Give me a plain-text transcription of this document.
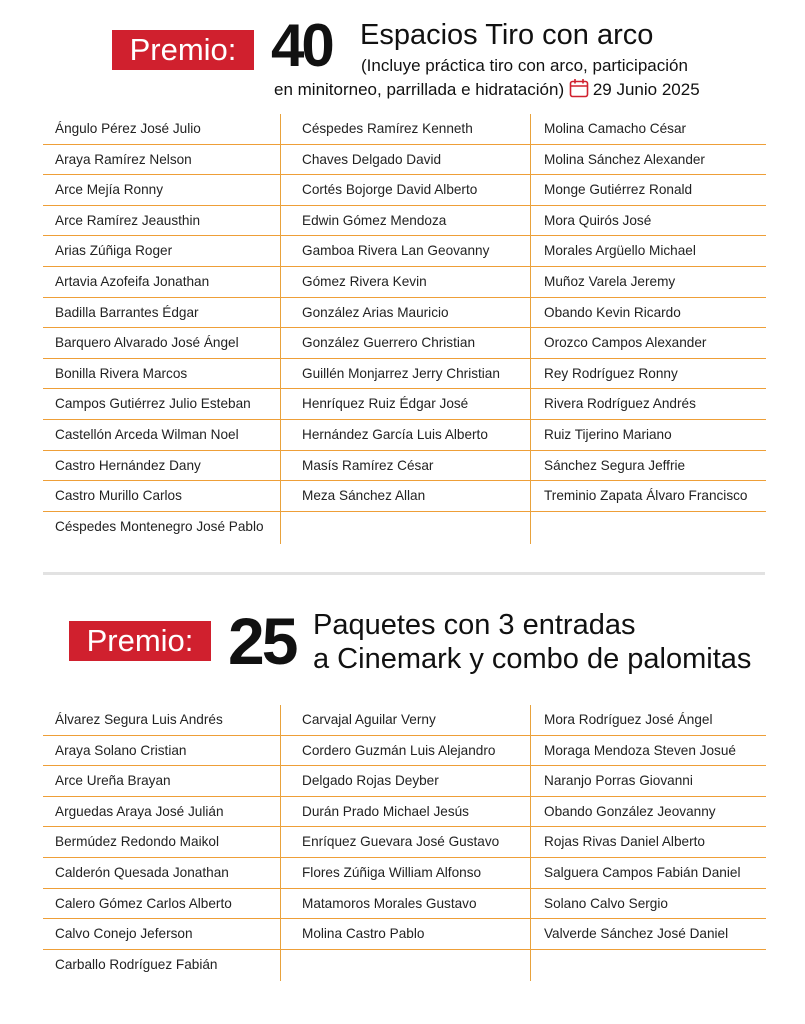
Premio: 40 Espacios Tiro con arco
(Incluye práctica tiro con arco, participación
en minitorneo, parrillada e hidratación) 29 Junio 2025
Ángulo Pérez José Julio
Araya Ramírez Nelson
Arce Mejía Ronny
Arce Ramírez Jeausthin
Arias Zúñiga Roger
Artavia Azofeifa Jonathan
Badilla Barrantes Édgar
Barquero Alvarado José Ángel
Bonilla Rivera Marcos
Campos Gutiérrez Julio Esteban
Castellón Arceda Wilman Noel
Castro Hernández Dany
Castro Murillo Carlos
Céspedes Montenegro José Pablo
Céspedes Ramírez Kenneth
Chaves Delgado David
Cortés Bojorge David Alberto
Edwin Gómez Mendoza
Gamboa Rivera Lan Geovanny
Gómez Rivera Kevin
González Arias Mauricio
González Guerrero Christian
Guillén Monjarrez Jerry Christian
Henríquez Ruiz Édgar José
Hernández García Luis Alberto
Masís Ramírez César
Meza Sánchez Allan
Molina Camacho César
Molina Sánchez Alexander
Monge Gutiérrez Ronald
Mora Quirós José
Morales Argüello Michael
Muñoz Varela Jeremy
Obando Kevin Ricardo
Orozco Campos Alexander
Rey Rodríguez Ronny
Rivera Rodríguez Andrés
Ruiz Tijerino Mariano
Sánchez Segura Jeffrie
Treminio Zapata Álvaro Francisco
Premio: 25 Paquetes con 3 entradas
a Cinemark y combo de palomitas
Álvarez Segura Luis Andrés
Araya Solano Cristian
Arce Ureña Brayan
Arguedas Araya José Julián
Bermúdez Redondo Maikol
Calderón Quesada Jonathan
Calero Gómez Carlos Alberto
Calvo Conejo Jeferson
Carballo Rodríguez Fabián
Carvajal Aguilar Verny
Cordero Guzmán Luis Alejandro
Delgado Rojas Deyber
Durán Prado Michael Jesús
Enríquez Guevara José Gustavo
Flores Zúñiga William Alfonso
Matamoros Morales Gustavo
Molina Castro Pablo
Mora Rodríguez José Ángel
Moraga Mendoza Steven Josué
Naranjo Porras Giovanni
Obando González Jeovanny
Rojas Rivas Daniel Alberto
Salguera Campos Fabián Daniel
Solano Calvo Sergio
Valverde Sánchez José Daniel
